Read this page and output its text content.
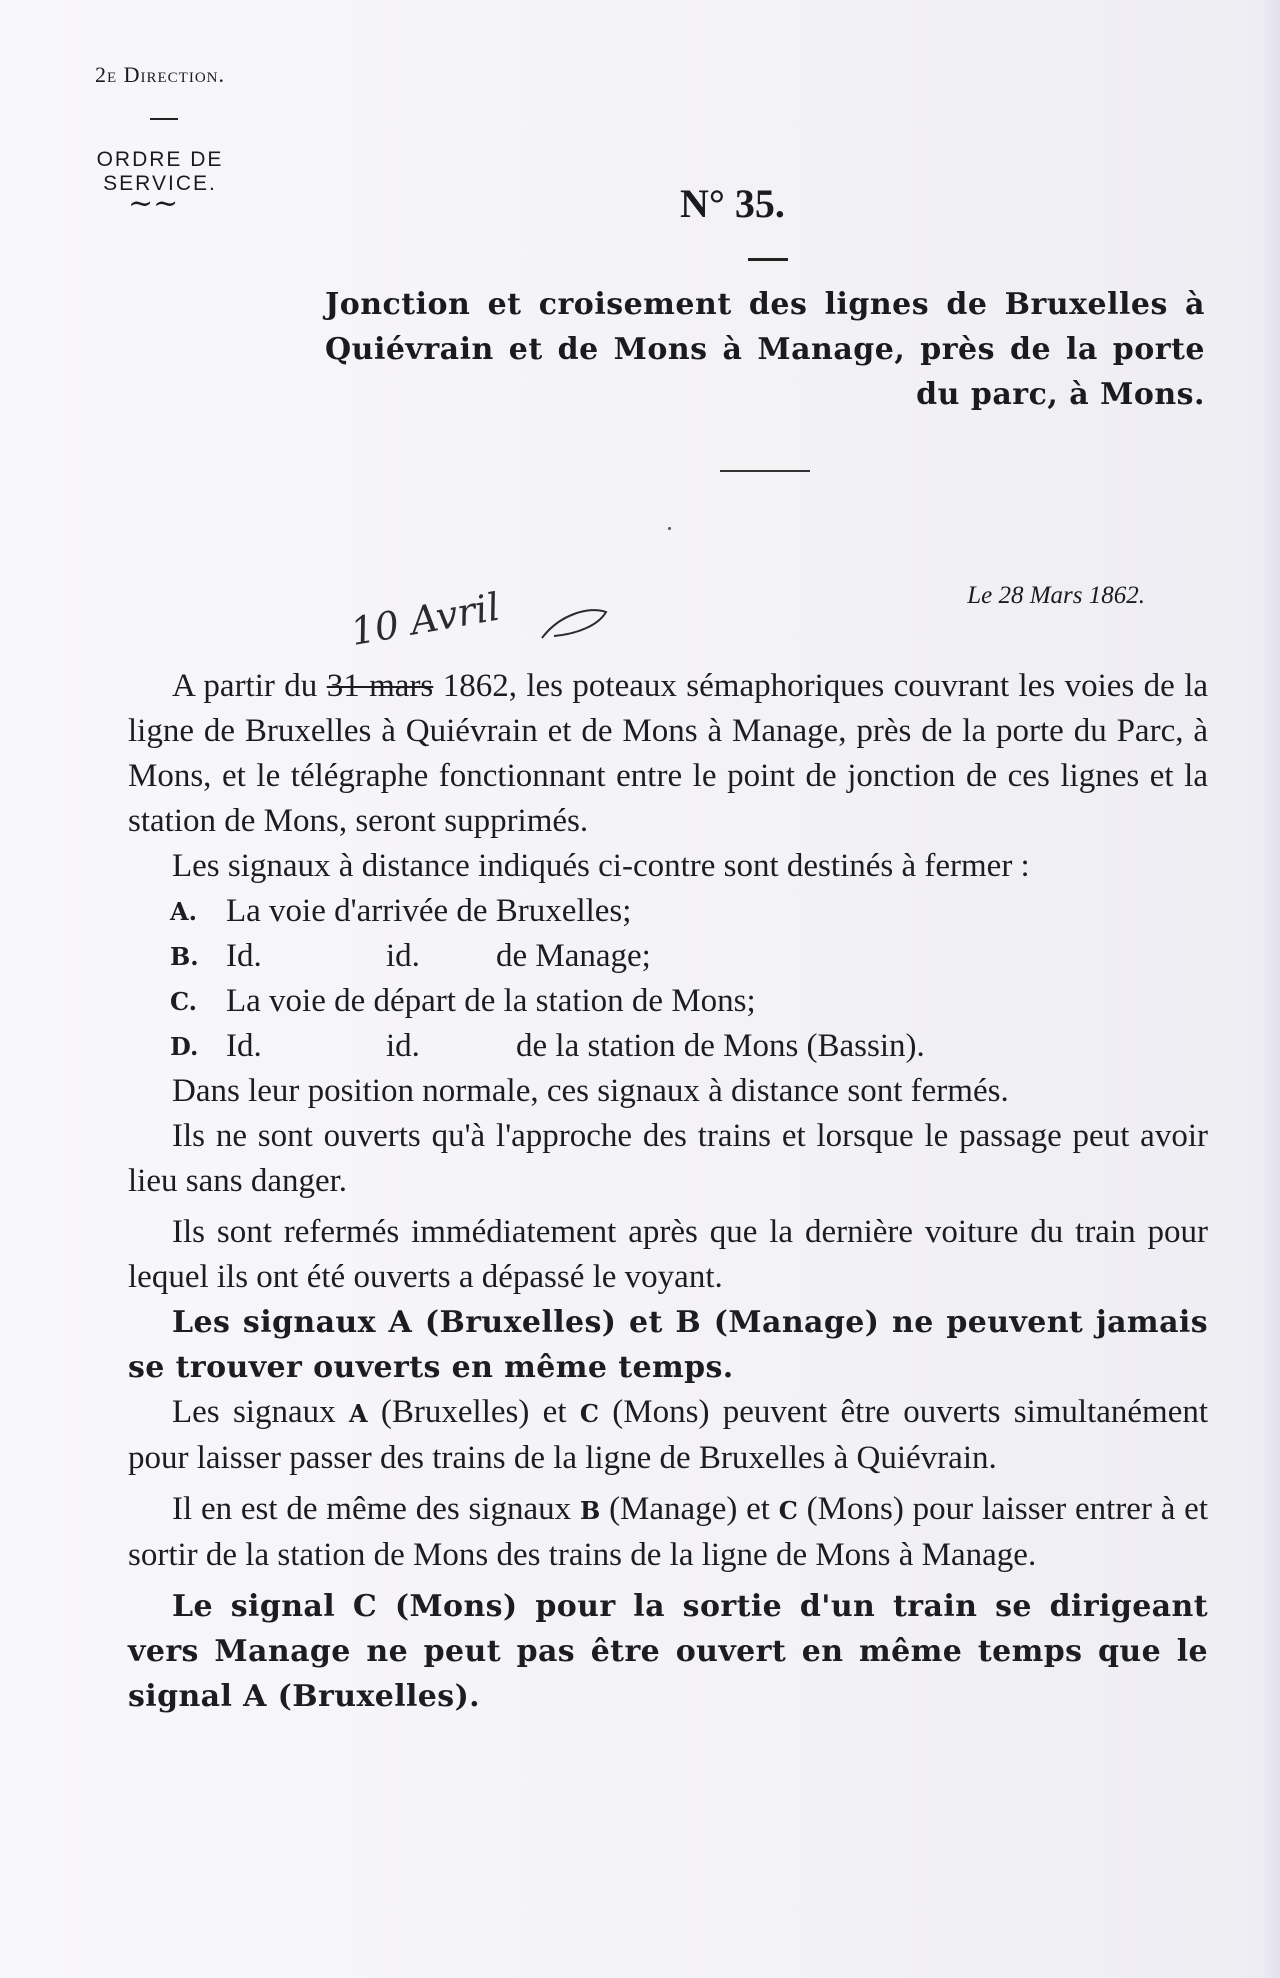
2e Direction.
ORDRE DE SERVICE.
~~	N° 35.
Jonction et croisement des lignes de Bruxelles à Quiévrain et de Mons à Manage, près de la porte du parc, à Mons.
Le 28 Mars 1862.
10 Avril

A partir du 31 mars 1862, les poteaux sémaphoriques couvrant les voies de la ligne de Bruxelles à Quiévrain et de Mons à Manage, près de la porte du Parc, à Mons, et le télégraphe fonctionnant entre le point de jonction de ces lignes et la station de Mons, seront supprimés.

Les signaux à distance indiqués ci-contre sont destinés à fermer :

A. La voie d'arrivée de Bruxelles;
B. Id.	id.	de Manage;
C. La voie de départ de la station de Mons;
D. Id.	id.	de la station de Mons (Bassin).

Dans leur position normale, ces signaux à distance sont fermés.

Ils ne sont ouverts qu'à l'approche des trains et lorsque le passage peut avoir lieu sans danger.

Ils sont refermés immédiatement après que la dernière voiture du train pour lequel ils ont été ouverts a dépassé le voyant.

Les signaux A (Bruxelles) et B (Manage) ne peuvent jamais se trouver ouverts en même temps.

Les signaux A (Bruxelles) et C (Mons) peuvent être ouverts simultanément pour laisser passer des trains de la ligne de Bruxelles à Quiévrain.

Il en est de même des signaux B (Manage) et C (Mons) pour laisser entrer à et sortir de la station de Mons des trains de la ligne de Mons à Manage.

Le signal C (Mons) pour la sortie d'un train se dirigeant vers Manage ne peut pas être ouvert en même temps que le signal A (Bruxelles).
